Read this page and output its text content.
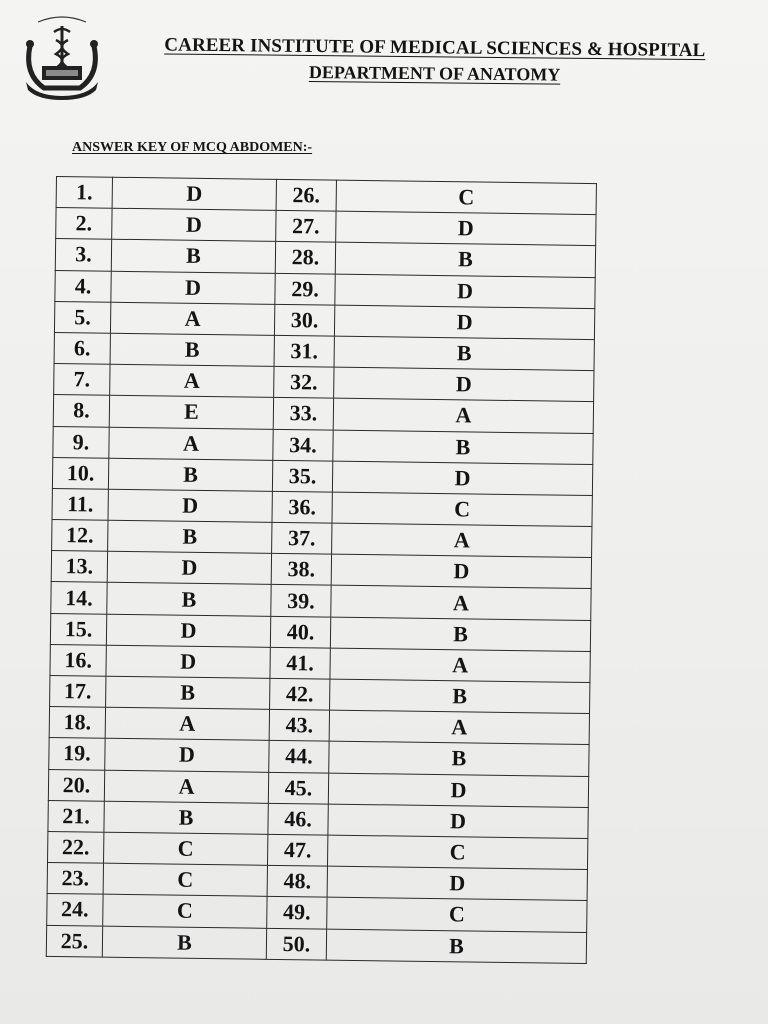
CAREER INSTITUTE OF MEDICAL SCIENCES & HOSPITAL
DEPARTMENT OF ANATOMY
ANSWER KEY OF MCQ ABDOMEN:-
1.	D	26.	C
2.	D	27.	D
3.	B	28.	B
4.	D	29.	D
5.	A	30.	D
6.	B	31.	B
7.	A	32.	D
8.	E	33.	A
9.	A	34.	B
10.	B	35.	D
11.	D	36.	C
12.	B	37.	A
13.	D	38.	D
14.	B	39.	A
15.	D	40.	B
16.	D	41.	A
17.	B	42.	B
18.	A	43.	A
19.	D	44.	B
20.	A	45.	D
21.	B	46.	D
22.	C	47.	C
23.	C	48.	D
24.	C	49.	C
25.	B	50.	B
